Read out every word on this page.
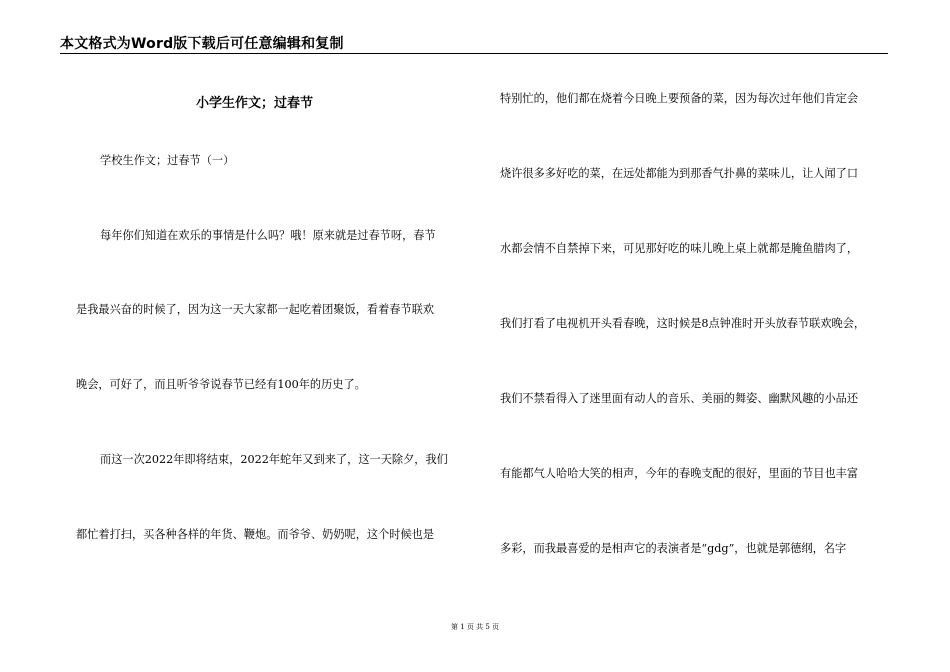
本文格式为Word版下载后可任意编辑和复制
小学生作文；过春节
学校生作文；过春节（一）
每年你们知道在欢乐的事情是什么吗？哦！原来就是过春节呀，春节
是我最兴奋的时候了，因为这一天大家都一起吃着团聚饭，看着春节联欢
晚会，可好了，而且听爷爷说春节已经有100年的历史了。
而这一次2022年即将结束，2022年蛇年又到来了，这一天除夕，我们
都忙着打扫，买各种各样的年货、鞭炮。而爷爷、奶奶呢，这个时候也是
特别忙的，他们都在烧着今日晚上要预备的菜，因为每次过年他们肯定会
烧许很多多好吃的菜，在远处都能为到那香气扑鼻的菜味儿，让人闻了口
水都会情不自禁掉下来，可见那好吃的味儿晚上桌上就都是腌鱼腊肉了，
我们打看了电视机开头看春晚，这时候是8点钟准时开头放春节联欢晚会，
我们不禁看得入了迷里面有动人的音乐、美丽的舞姿、幽默风趣的小品还
有能都气人哈哈大笑的相声，今年的春晚支配的很好，里面的节目也丰富
多彩，而我最喜爱的是相声它的表演者是“gdg”，也就是郭德纲，名字
第 1 页 共 5 页
